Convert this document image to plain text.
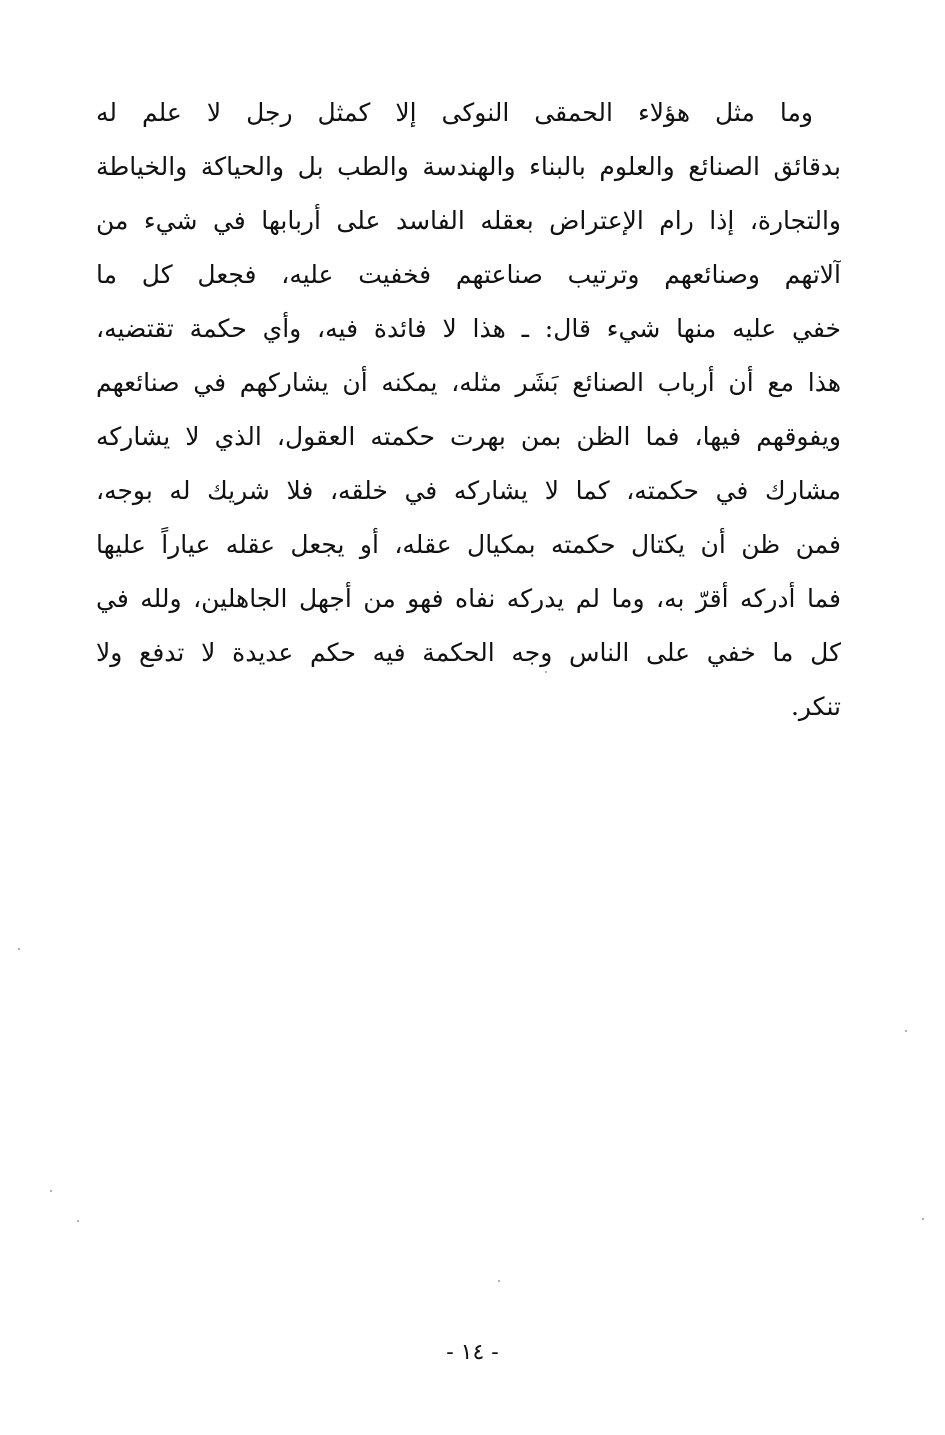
وما مثل هؤلاء الحمقى النوكى إلا كمثل رجل لا علم له
بدقائق الصنائع والعلوم بالبناء والهندسة والطب بل والحياكة والخياطة
والتجارة، إذا رام الإعتراض بعقله الفاسد على أربابها في شيء من
آلاتهم وصنائعهم وترتيب صناعتهم فخفيت عليه، فجعل كل ما
خفي عليه منها شيء قال: ـ هذا لا فائدة فيه، وأي حكمة تقتضيه،
هذا مع أن أرباب الصنائع بَشَر مثله، يمكنه أن يشاركهم في صنائعهم
ويفوقهم فيها، فما الظن بمن بهرت حكمته العقول، الذي لا يشاركه
مشارك في حكمته، كما لا يشاركه في خلقه، فلا شريك له بوجه،
فمن ظن أن يكتال حكمته بمكيال عقله، أو يجعل عقله عياراً عليها
فما أدركه أقرّ به، وما لم يدركه نفاه فهو من أجهل الجاهلين، ولله في
كل ما خفي على الناس وجه الحكمة فيه حكم عديدة لا تدفع ولا
تنكر.
- ١٤ -
